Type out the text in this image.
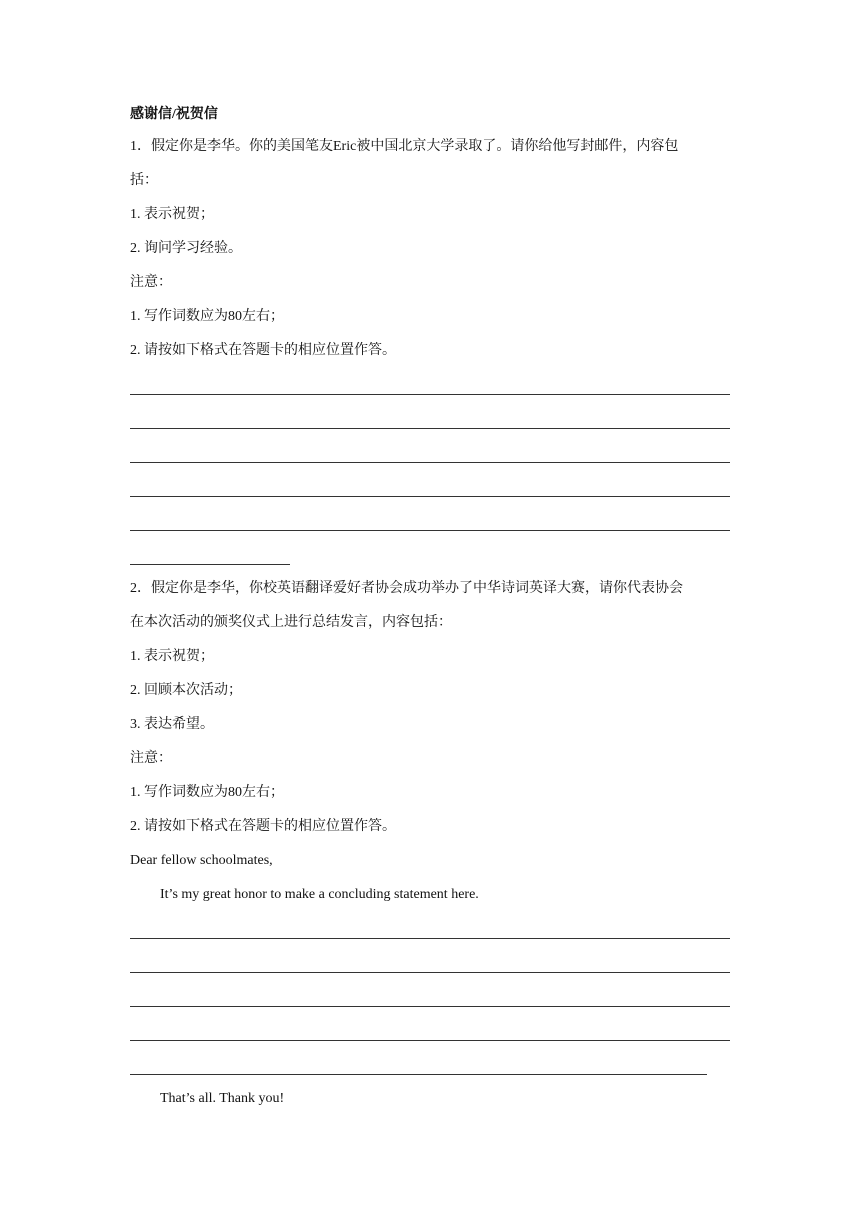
感谢信/祝贺信
1．假定你是李华。你的美国笔友Eric被中国北京大学录取了。请你给他写封邮件，内容包
括：
1. 表示祝贺；
2. 询问学习经验。
注意：
1. 写作词数应为80左右；
2. 请按如下格式在答题卡的相应位置作答。
2．假定你是李华，你校英语翻译爱好者协会成功举办了中华诗词英译大赛，请你代表协会
在本次活动的颁奖仪式上进行总结发言，内容包括：
1. 表示祝贺；
2. 回顾本次活动；
3. 表达希望。
注意：
1. 写作词数应为80左右；
2. 请按如下格式在答题卡的相应位置作答。
Dear fellow schoolmates,
It’s my great honor to make a concluding statement here.
That’s all. Thank you!
